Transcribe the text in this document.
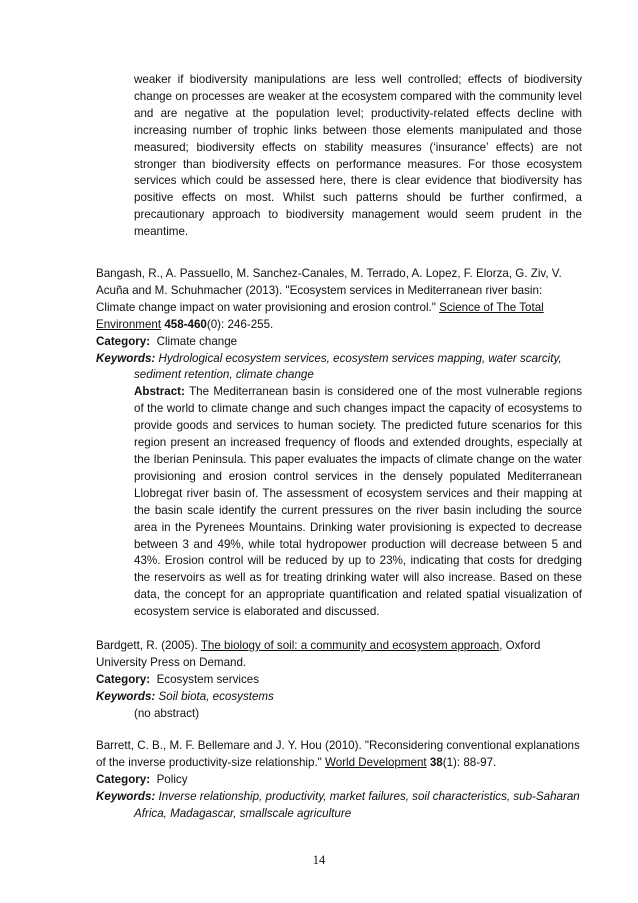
weaker if biodiversity manipulations are less well controlled; effects of biodiversity change on processes are weaker at the ecosystem compared with the community level and are negative at the population level; productivity-related effects decline with increasing number of trophic links between those elements manipulated and those measured; biodiversity effects on stability measures (‘insurance’ effects) are not stronger than biodiversity effects on performance measures. For those ecosystem services which could be assessed here, there is clear evidence that biodiversity has positive effects on most. Whilst such patterns should be further confirmed, a precautionary approach to biodiversity management would seem prudent in the meantime.

Bangash, R., A. Passuello, M. Sanchez-Canales, M. Terrado, A. Lopez, F. Elorza, G. Ziv, V. Acuña and M. Schuhmacher (2013). "Ecosystem services in Mediterranean river basin: Climate change impact on water provisioning and erosion control." Science of The Total Environment 458-460(0): 246-255.

Category: Climate change

Keywords: Hydrological ecosystem services, ecosystem services mapping, water scarcity, sediment retention, climate change

Abstract: The Mediterranean basin is considered one of the most vulnerable regions of the world to climate change and such changes impact the capacity of ecosystems to provide goods and services to human society. The predicted future scenarios for this region present an increased frequency of floods and extended droughts, especially at the Iberian Peninsula. This paper evaluates the impacts of climate change on the water provisioning and erosion control services in the densely populated Mediterranean Llobregat river basin of. The assessment of ecosystem services and their mapping at the basin scale identify the current pressures on the river basin including the source area in the Pyrenees Mountains. Drinking water provisioning is expected to decrease between 3 and 49%, while total hydropower production will decrease between 5 and 43%. Erosion control will be reduced by up to 23%, indicating that costs for dredging the reservoirs as well as for treating drinking water will also increase. Based on these data, the concept for an appropriate quantification and related spatial visualization of ecosystem service is elaborated and discussed.

Bardgett, R. (2005). The biology of soil: a community and ecosystem approach, Oxford University Press on Demand.

Category: Ecosystem services

Keywords: Soil biota, ecosystems

(no abstract)

Barrett, C. B., M. F. Bellemare and J. Y. Hou (2010). "Reconsidering conventional explanations of the inverse productivity-size relationship." World Development 38(1): 88-97.

Category: Policy

Keywords: Inverse relationship, productivity, market failures, soil characteristics, sub-Saharan Africa, Madagascar, smallscale agriculture

14
